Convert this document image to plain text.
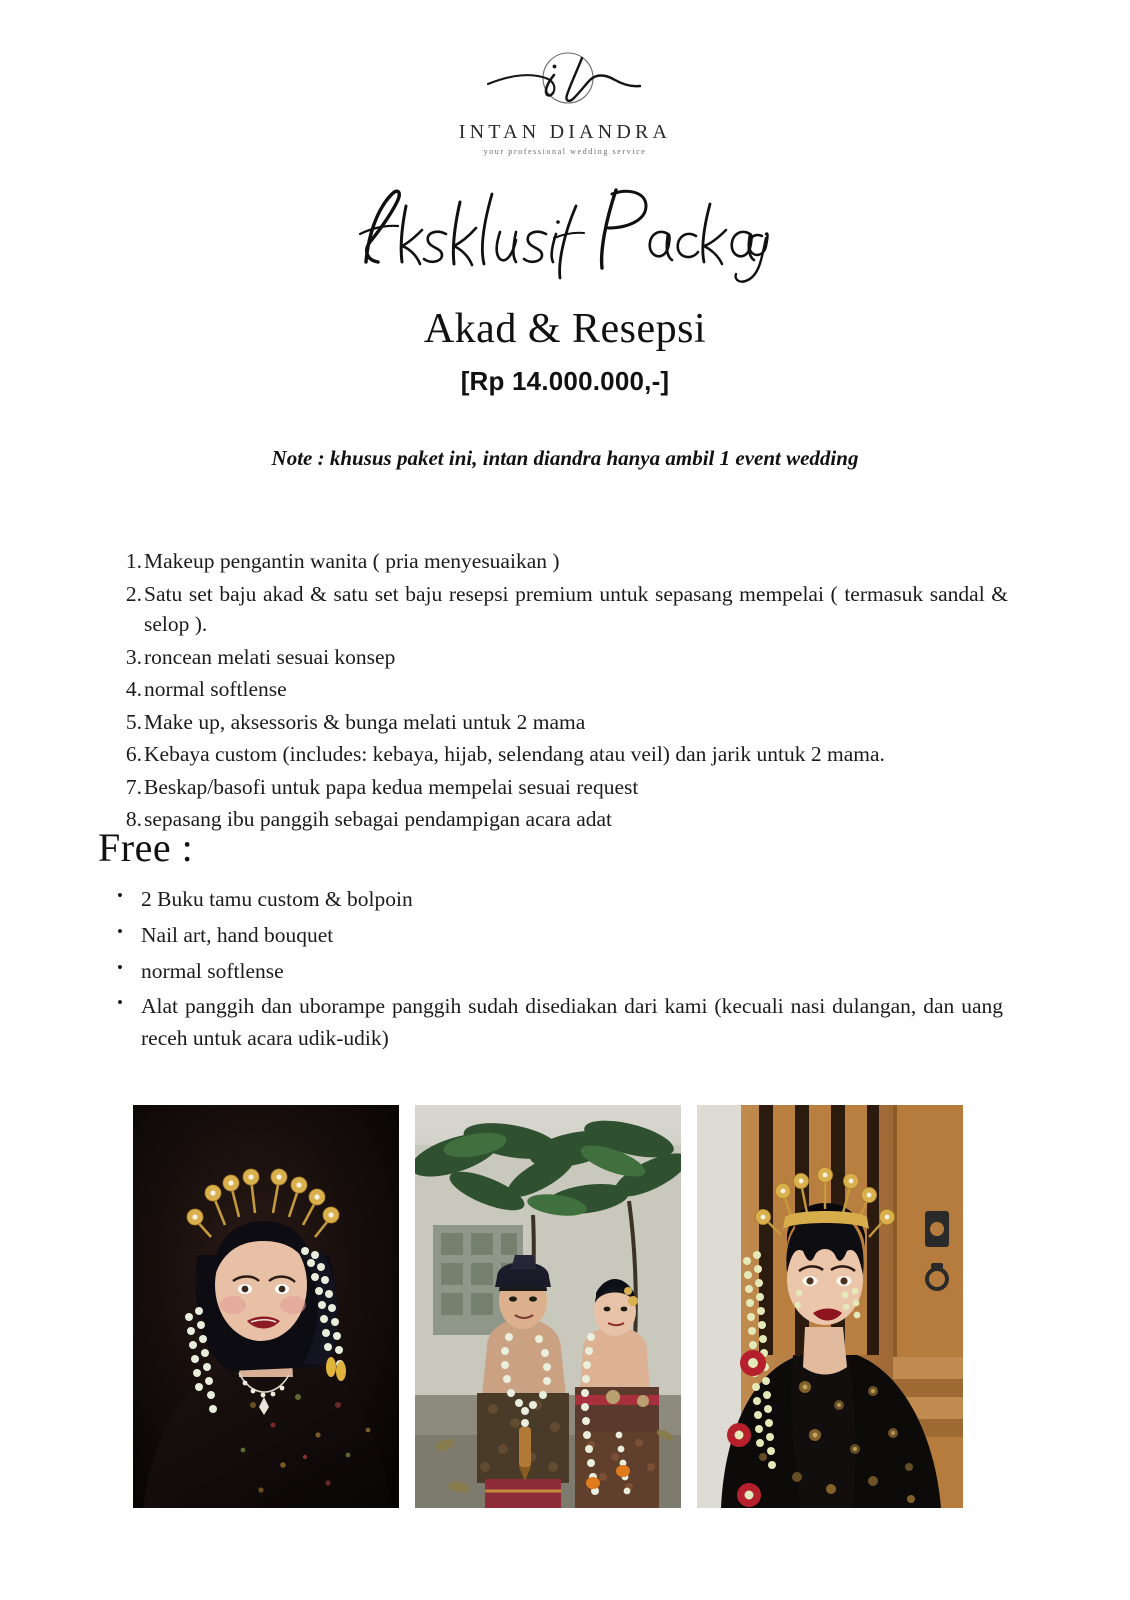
INTAN DIANDRA
your professional wedding service
Akad & Resepsi
[Rp 14.000.000,-]
Note : khusus paket ini, intan diandra hanya ambil 1 event wedding
1 . Makeup pengantin wanita ( pria menyesuaikan )
2 . Satu set baju akad & satu set baju resepsi premium untuk sepasang mempelai ( termasuk sandal & selop ).
3 . roncean melati sesuai konsep
4 . normal softlense
5 . Make up, aksessoris & bunga melati untuk 2 mama
6 . Kebaya custom (includes: kebaya, hijab, selendang atau veil) dan jarik untuk 2 mama.
7 . Beskap/basofi untuk papa kedua mempelai sesuai request
8 . sepasang ibu panggih sebagai pendampigan acara adat
Free :
• 2 Buku tamu custom & bolpoin
• Nail art, hand bouquet
• normal softlense
• Alat panggih dan uborampe panggih sudah disediakan dari kami (kecuali nasi dulangan, dan uang receh untuk acara udik-udik)
